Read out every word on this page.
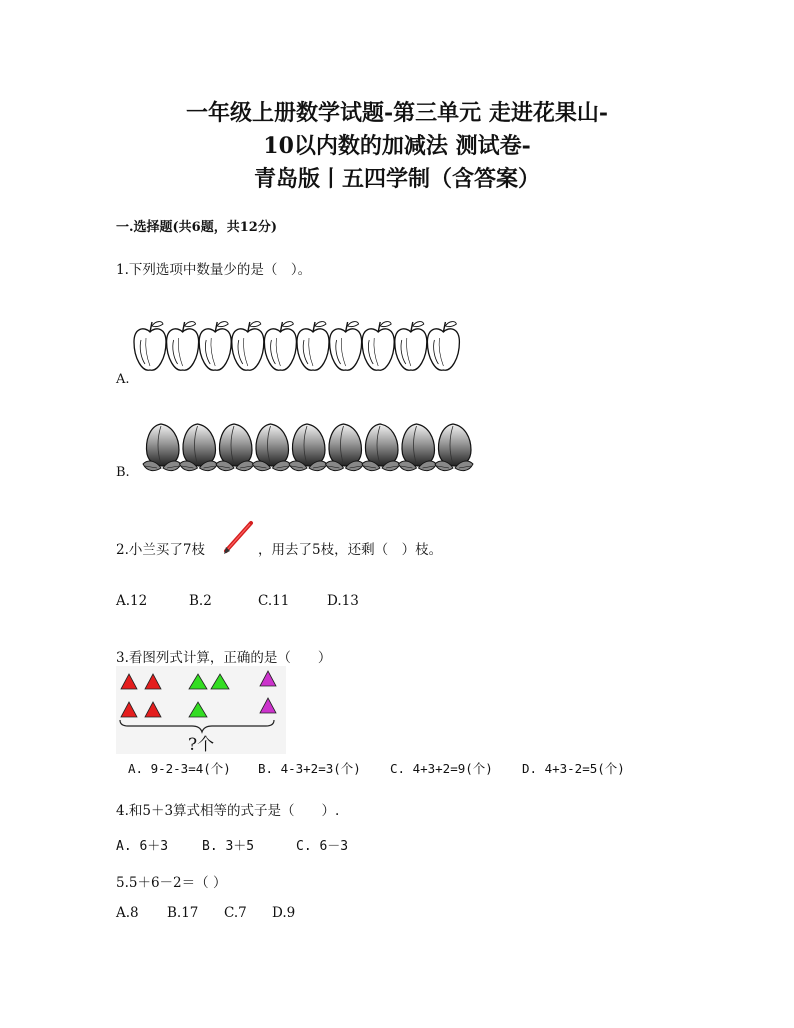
一年级上册数学试题-第三单元 走进花果山-
10以内数的加减法 测试卷-
青岛版丨五四学制（含答案）
一.选择题(共6题，共12分)
1.下列选项中数量少的是（　）。
A.
B.
2.小兰买了7枝	，用去了5枝，还剩（　）枝。
A.12	B.2	C.11	D.13
3.看图列式计算，正确的是（　　）
?个
A. 9-2-3=4(个) B. 4-3+2=3(个) C. 4+3+2=9(个) D. 4+3-2=5(个)
4.和5＋3算式相等的式子是（　　）.
A. 6＋3	B. 3＋5	C. 6－3
5.5＋6－2＝（ ）
A.8 B.17 C.7 D.9
